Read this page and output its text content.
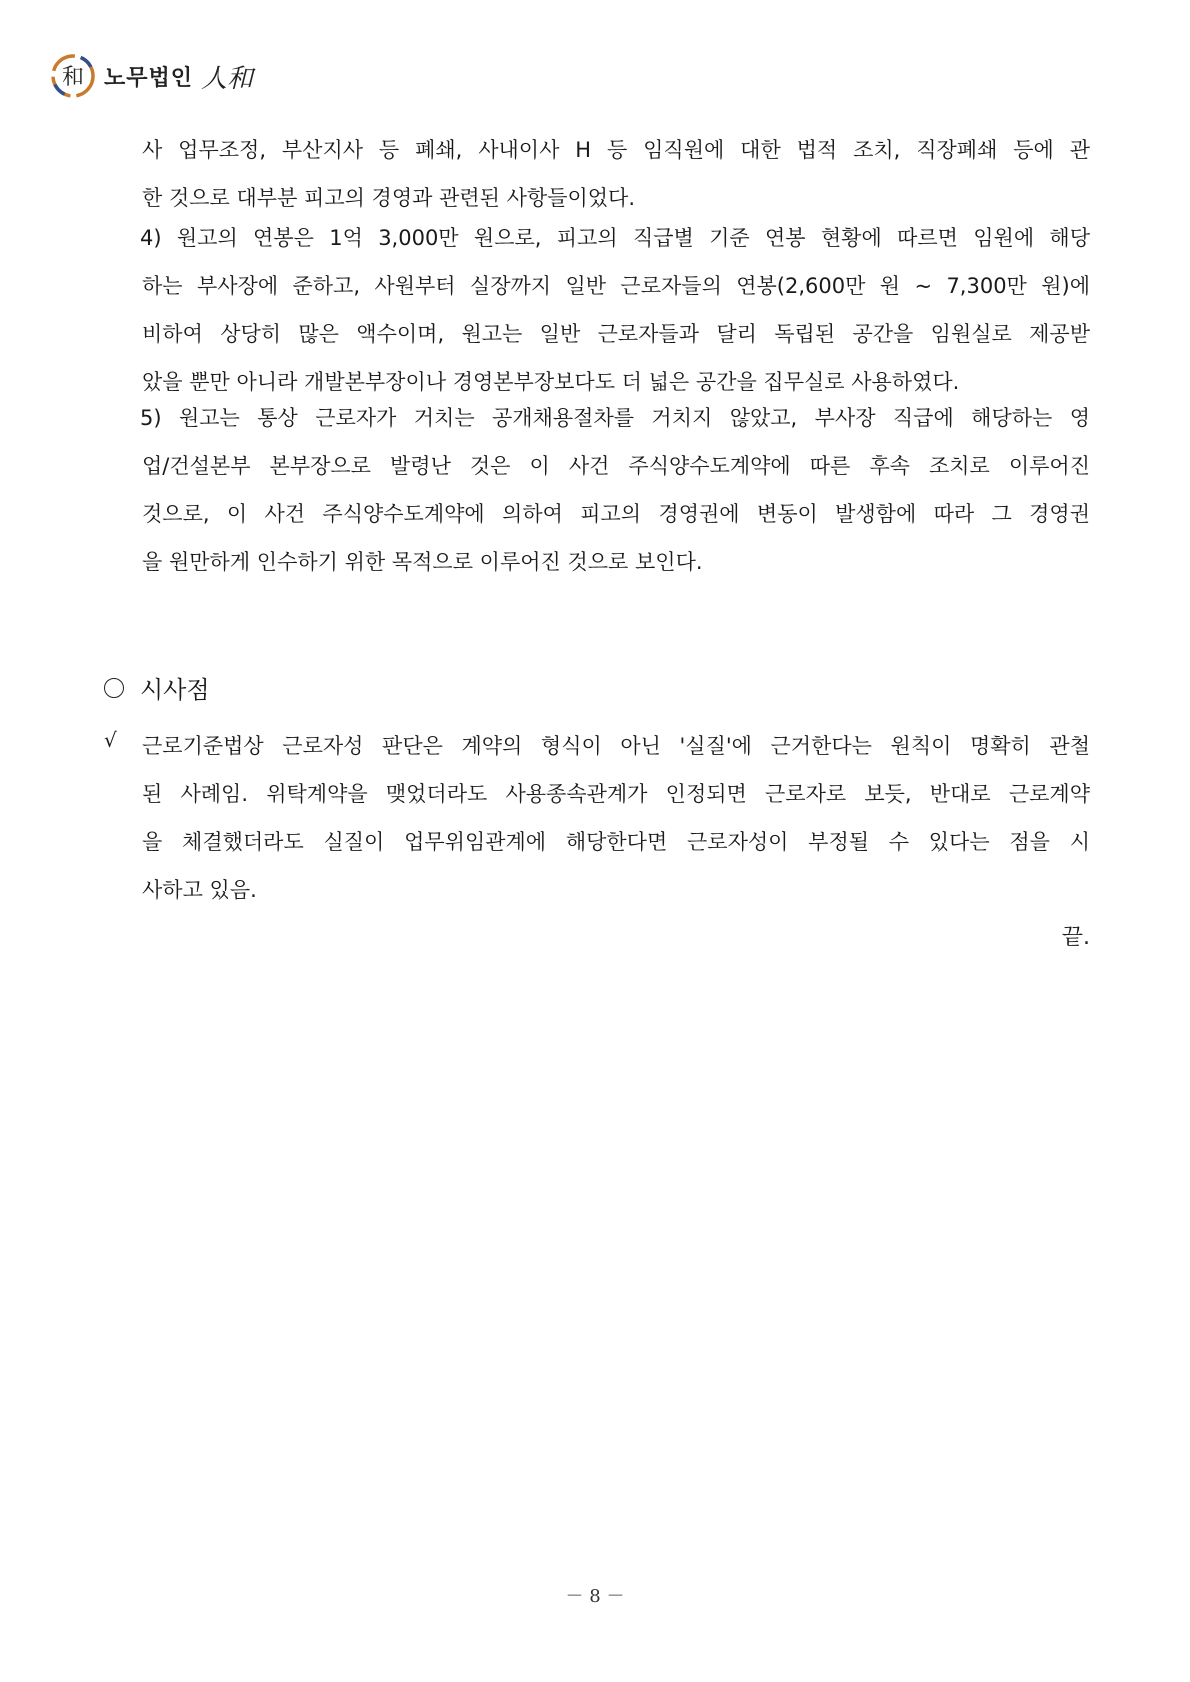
和 노무법인 人和
사 업무조정, 부산지사 등 폐쇄, 사내이사 H 등 임직원에 대한 법적 조치, 직장폐쇄 등에 관
한 것으로 대부분 피고의 경영과 관련된 사항들이었다.
4) 원고의 연봉은 1억 3,000만 원으로, 피고의 직급별 기준 연봉 현황에 따르면 임원에 해당
하는 부사장에 준하고, 사원부터 실장까지 일반 근로자들의 연봉(2,600만 원 ~ 7,300만 원)에
비하여 상당히 많은 액수이며, 원고는 일반 근로자들과 달리 독립된 공간을 임원실로 제공받
았을 뿐만 아니라 개발본부장이나 경영본부장보다도 더 넓은 공간을 집무실로 사용하였다.
5) 원고는 통상 근로자가 거치는 공개채용절차를 거치지 않았고, 부사장 직급에 해당하는 영
업/건설본부 본부장으로 발령난 것은 이 사건 주식양수도계약에 따른 후속 조치로 이루어진
것으로, 이 사건 주식양수도계약에 의하여 피고의 경영권에 변동이 발생함에 따라 그 경영권
을 원만하게 인수하기 위한 목적으로 이루어진 것으로 보인다.
시사점
√ 근로기준법상 근로자성 판단은 계약의 형식이 아닌 '실질'에 근거한다는 원칙이 명확히 관철
된 사례임. 위탁계약을 맺었더라도 사용종속관계가 인정되면 근로자로 보듯, 반대로 근로계약
을 체결했더라도 실질이 업무위임관계에 해당한다면 근로자성이 부정될 수 있다는 점을 시
사하고 있음.
끝.
－ 8 －
